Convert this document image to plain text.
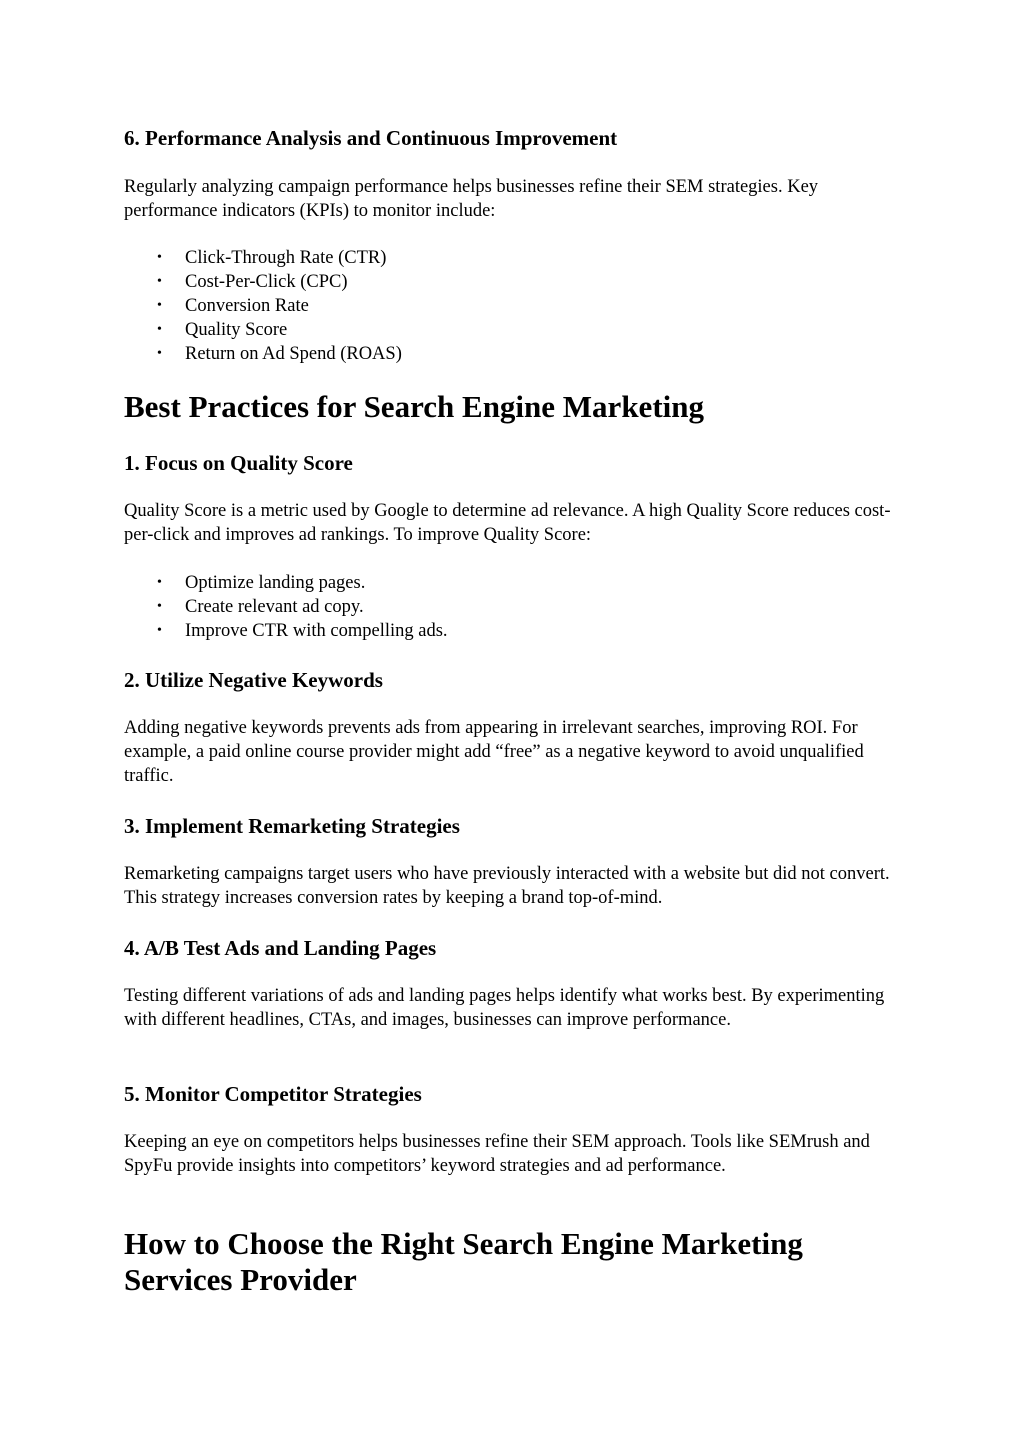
6. Performance Analysis and Continuous Improvement

Regularly analyzing campaign performance helps businesses refine their SEM strategies. Key performance indicators (KPIs) to monitor include:

• Click-Through Rate (CTR)
• Cost-Per-Click (CPC)
• Conversion Rate
• Quality Score
• Return on Ad Spend (ROAS)
Best Practices for Search Engine Marketing
1. Focus on Quality Score

Quality Score is a metric used by Google to determine ad relevance. A high Quality Score reduces cost-per-click and improves ad rankings. To improve Quality Score:

• Optimize landing pages.
• Create relevant ad copy.
• Improve CTR with compelling ads.
2. Utilize Negative Keywords

Adding negative keywords prevents ads from appearing in irrelevant searches, improving ROI. For example, a paid online course provider might add “free” as a negative keyword to avoid unqualified traffic.

3. Implement Remarketing Strategies

Remarketing campaigns target users who have previously interacted with a website but did not convert. This strategy increases conversion rates by keeping a brand top-of-mind.

4. A/B Test Ads and Landing Pages

Testing different variations of ads and landing pages helps identify what works best. By experimenting with different headlines, CTAs, and images, businesses can improve performance.

5. Monitor Competitor Strategies

Keeping an eye on competitors helps businesses refine their SEM approach. Tools like SEMrush and SpyFu provide insights into competitors’ keyword strategies and ad performance.

How to Choose the Right Search Engine Marketing
Services Provider
